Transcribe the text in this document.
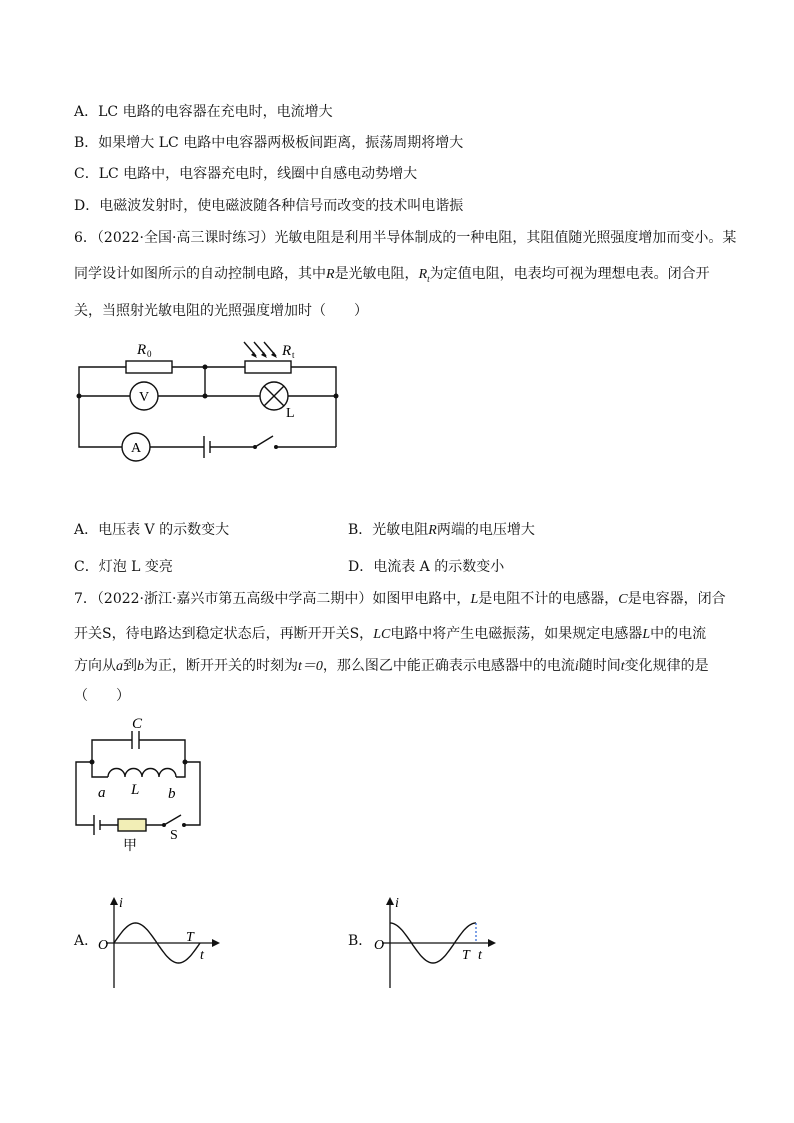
A．LC 电路的电容器在充电时，电流增大
B．如果增大 LC 电路中电容器两极板间距离，振荡周期将增大
C．LC 电路中，电容器充电时，线圈中自感电动势增大
D．电磁波发射时，使电磁波随各种信号而改变的技术叫电谐振
6．（2022·全国·高三课时练习）光敏电阻是利用半导体制成的一种电阻，其阻值随光照强度增加而变小。某
同学设计如图所示的自动控制电路，其中R是光敏电阻，$R_t$为定值电阻，电表均可视为理想电表。闭合开
关，当照射光敏电阻的光照强度增加时（　　）
R 0	R t
V
A
L
A．电压表 V 的示数变大	B．光敏电阻R两端的电压增大
C．灯泡 L 变亮	D．电流表 A 的示数变小
7．（2022·浙江·嘉兴市第五高级中学高二期中）如图甲电路中，L是电阻不计的电感器，C是电容器，闭合
开关S，待电路达到稳定状态后，再断开开关S，LC电路中将产生电磁振荡，如果规定电感器L中的电流
方向从a到b为正，断开开关的时刻为t＝0，那么图乙中能正确表示电感器中的电流i随时间t变化规律的是
（　　）
C
L
a	b
S
甲
A．
i
O
T
t
B．
i
O
T t
